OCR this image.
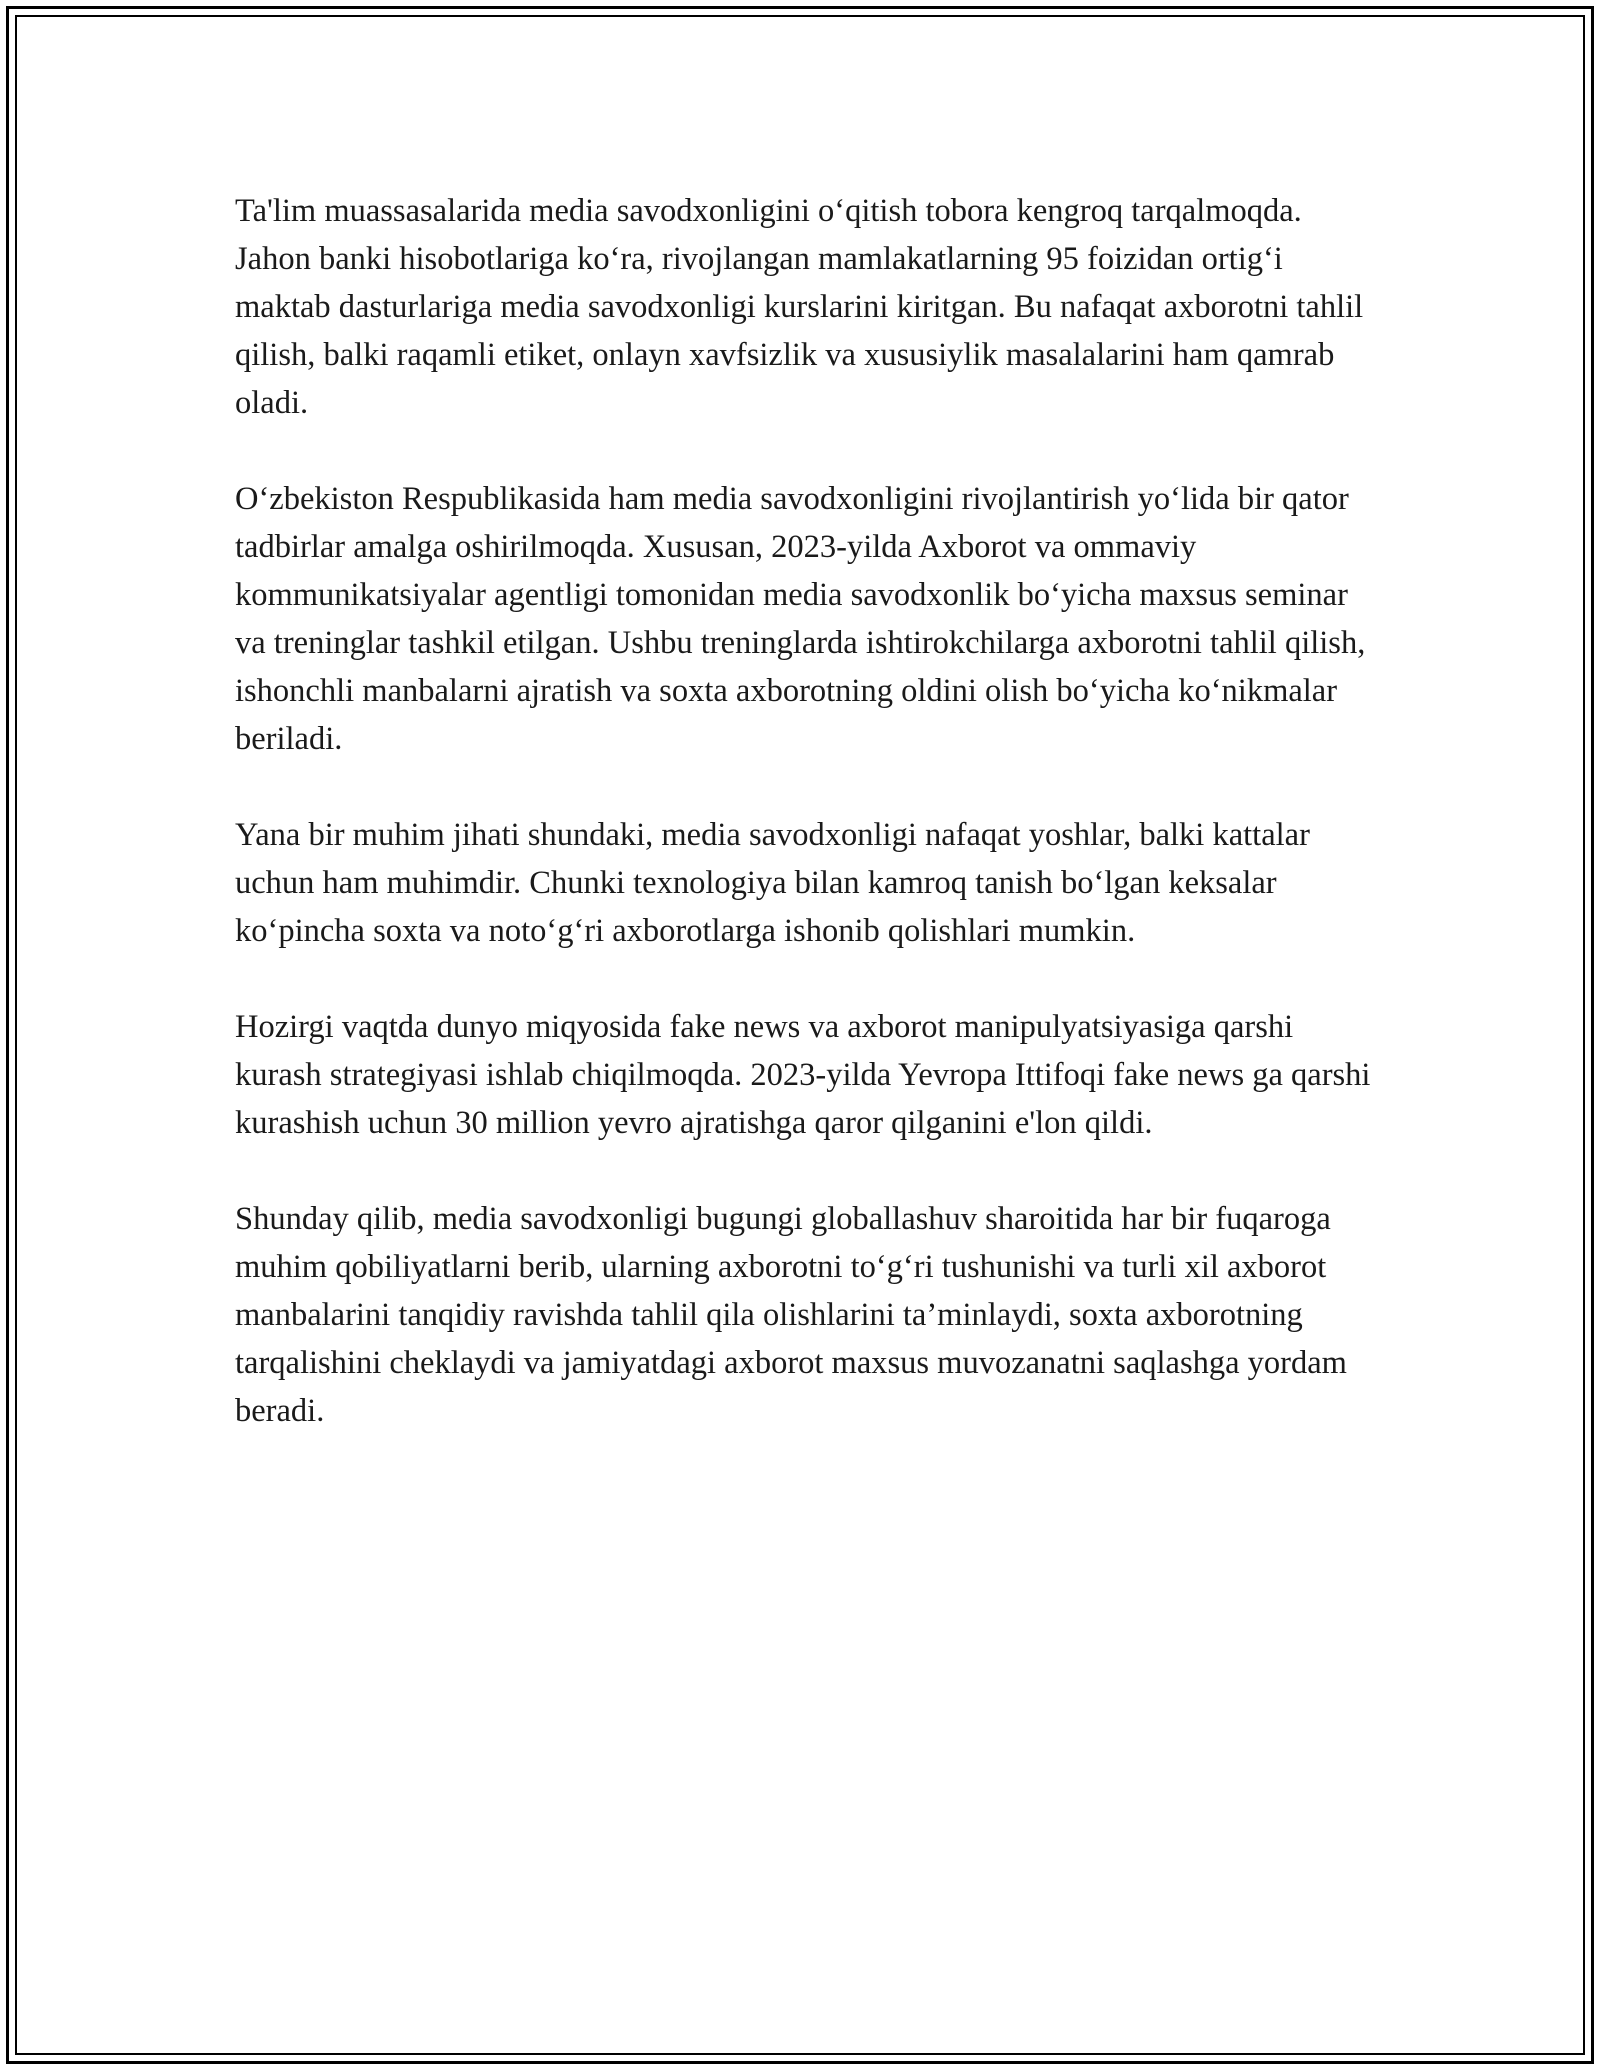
Ta'lim muassasalarida media savodxonligini o‘qitish tobora kengroq tarqalmoqda. Jahon banki hisobotlariga ko‘ra, rivojlangan mamlakatlarning 95 foizidan ortig‘i maktab dasturlariga media savodxonligi kurslarini kiritgan. Bu nafaqat axborotni tahlil qilish, balki raqamli etiket, onlayn xavfsizlik va xususiylik masalalarini ham qamrab oladi.

O‘zbekiston Respublikasida ham media savodxonligini rivojlantirish yo‘lida bir qator tadbirlar amalga oshirilmoqda. Xususan, 2023-yilda Axborot va ommaviy kommunikatsiyalar agentligi tomonidan media savodxonlik bo‘yicha maxsus seminar va treninglar tashkil etilgan. Ushbu treninglarda ishtirokchilarga axborotni tahlil qilish, ishonchli manbalarni ajratish va soxta axborotning oldini olish bo‘yicha ko‘nikmalar beriladi.

Yana bir muhim jihati shundaki, media savodxonligi nafaqat yoshlar, balki kattalar uchun ham muhimdir. Chunki texnologiya bilan kamroq tanish bo‘lgan keksalar ko‘pincha soxta va noto‘g‘ri axborotlarga ishonib qolishlari mumkin.

Hozirgi vaqtda dunyo miqyosida fake news va axborot manipulyatsiyasiga qarshi kurash strategiyasi ishlab chiqilmoqda. 2023-yilda Yevropa Ittifoqi fake news ga qarshi kurashish uchun 30 million yevro ajratishga qaror qilganini e'lon qildi.

Shunday qilib, media savodxonligi bugungi globallashuv sharoitida har bir fuqaroga muhim qobiliyatlarni berib, ularning axborotni to‘g‘ri tushunishi va turli xil axborot manbalarini tanqidiy ravishda tahlil qila olishlarini ta’minlaydi, soxta axborotning tarqalishini cheklaydi va jamiyatdagi axborot maxsus muvozanatni saqlashga yordam beradi.
